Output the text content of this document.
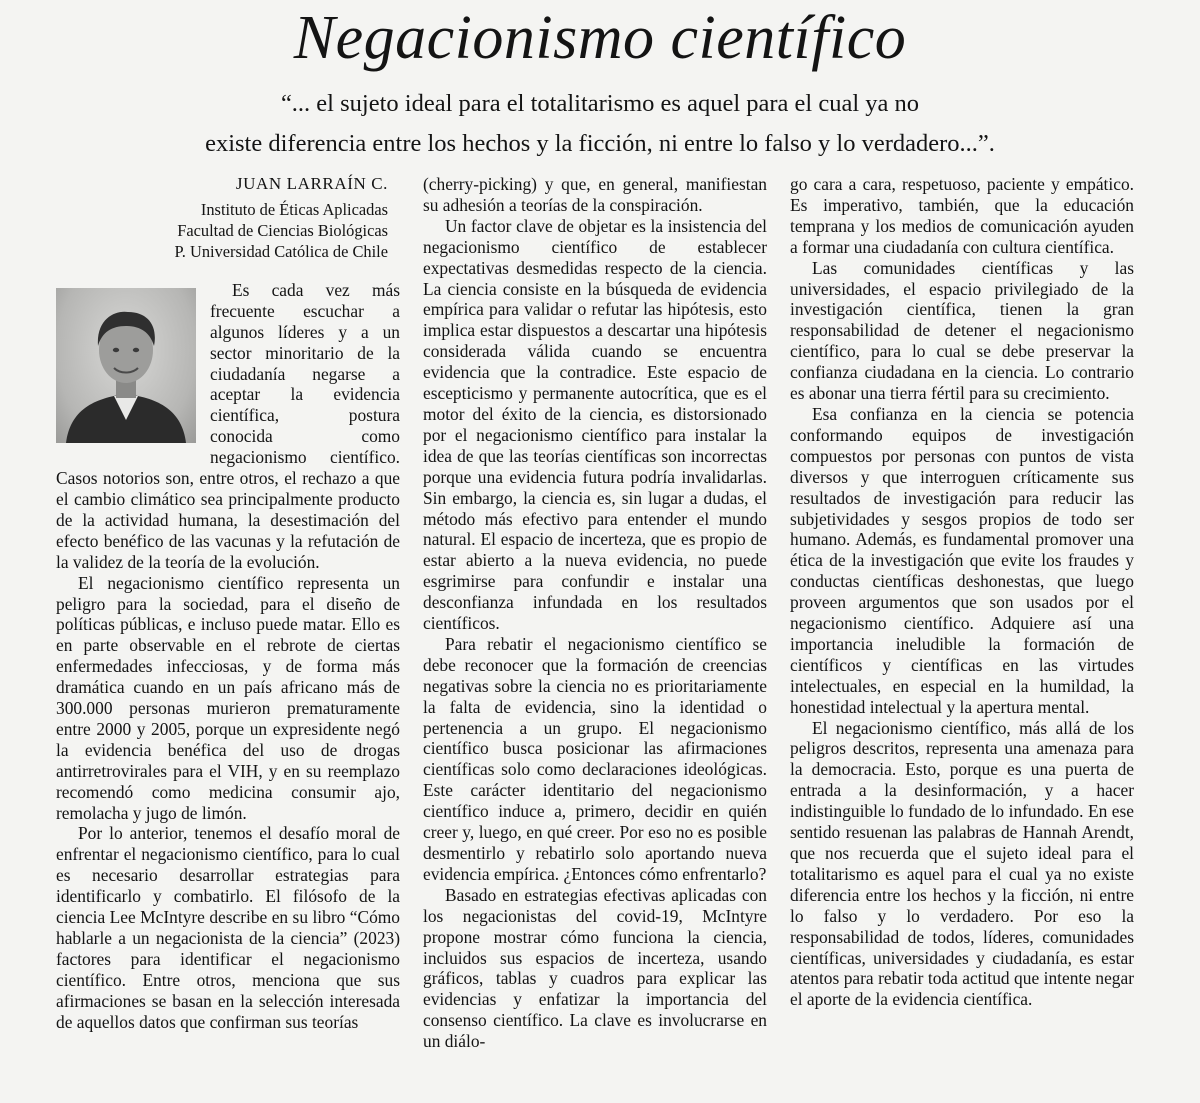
Negacionismo científico

“... el sujeto ideal para el totalitarismo es aquel para el cual ya no
existe diferencia entre los hechos y la ficción, ni entre lo falso y lo verdadero...”.

JUAN LARRAÍN C.
Instituto de Éticas Aplicadas
Facultad de Ciencias Biológicas
P. Universidad Católica de Chile

Es cada vez más frecuente escuchar a algunos líderes y a un sector minoritario de la ciudadanía negarse a aceptar la evidencia científica, postura conocida como negacionismo científico. Casos notorios son, entre otros, el rechazo a que el cambio climático sea principalmente producto de la actividad humana, la desestimación del efecto benéfico de las vacunas y la refutación de la validez de la teoría de la evolución.

El negacionismo científico representa un peligro para la sociedad, para el diseño de políticas públicas, e incluso puede matar. Ello es en parte observable en el rebrote de ciertas enfermedades infecciosas, y de forma más dramática cuando en un país africano más de 300.000 personas murieron prematuramente entre 2000 y 2005, porque un expresidente negó la evidencia benéfica del uso de drogas antirretrovirales para el VIH, y en su reemplazo recomendó como medicina consumir ajo, remolacha y jugo de limón.

Por lo anterior, tenemos el desafío moral de enfrentar el negacionismo científico, para lo cual es necesario desarrollar estrategias para identificarlo y combatirlo. El filósofo de la ciencia Lee McIntyre describe en su libro “Cómo hablarle a un negacionista de la ciencia” (2023) factores para identificar el negacionismo científico. Entre otros, menciona que sus afirmaciones se basan en la selección interesada de aquellos datos que confirman sus teorías

(cherry-picking) y que, en general, manifiestan su adhesión a teorías de la conspiración.

Un factor clave de objetar es la insistencia del negacionismo científico de establecer expectativas desmedidas respecto de la ciencia. La ciencia consiste en la búsqueda de evidencia empírica para validar o refutar las hipótesis, esto implica estar dispuestos a descartar una hipótesis considerada válida cuando se encuentra evidencia que la contradice. Este espacio de escepticismo y permanente autocrítica, que es el motor del éxito de la ciencia, es distorsionado por el negacionismo científico para instalar la idea de que las teorías científicas son incorrectas porque una evidencia futura podría invalidarlas. Sin embargo, la ciencia es, sin lugar a dudas, el método más efectivo para entender el mundo natural. El espacio de incerteza, que es propio de estar abierto a la nueva evidencia, no puede esgrimirse para confundir e instalar una desconfianza infundada en los resultados científicos.

Para rebatir el negacionismo científico se debe reconocer que la formación de creencias negativas sobre la ciencia no es prioritariamente la falta de evidencia, sino la identidad o pertenencia a un grupo. El negacionismo científico busca posicionar las afirmaciones científicas solo como declaraciones ideológicas. Este carácter identitario del negacionismo científico induce a, primero, decidir en quién creer y, luego, en qué creer. Por eso no es posible desmentirlo y rebatirlo solo aportando nueva evidencia empírica. ¿Entonces cómo enfrentarlo?

Basado en estrategias efectivas aplicadas con los negacionistas del covid-19, McIntyre propone mostrar cómo funciona la ciencia, incluidos sus espacios de incerteza, usando gráficos, tablas y cuadros para explicar las evidencias y enfatizar la importancia del consenso científico. La clave es involucrarse en un diálo-

go cara a cara, respetuoso, paciente y empático. Es imperativo, también, que la educación temprana y los medios de comunicación ayuden a formar una ciudadanía con cultura científica.

Las comunidades científicas y las universidades, el espacio privilegiado de la investigación científica, tienen la gran responsabilidad de detener el negacionismo científico, para lo cual se debe preservar la confianza ciudadana en la ciencia. Lo contrario es abonar una tierra fértil para su crecimiento.

Esa confianza en la ciencia se potencia conformando equipos de investigación compuestos por personas con puntos de vista diversos y que interroguen críticamente sus resultados de investigación para reducir las subjetividades y sesgos propios de todo ser humano. Además, es fundamental promover una ética de la investigación que evite los fraudes y conductas científicas deshonestas, que luego proveen argumentos que son usados por el negacionismo científico. Adquiere así una importancia ineludible la formación de científicos y científicas en las virtudes intelectuales, en especial en la humildad, la honestidad intelectual y la apertura mental.

El negacionismo científico, más allá de los peligros descritos, representa una amenaza para la democracia. Esto, porque es una puerta de entrada a la desinformación, y a hacer indistinguible lo fundado de lo infundado. En ese sentido resuenan las palabras de Hannah Arendt, que nos recuerda que el sujeto ideal para el totalitarismo es aquel para el cual ya no existe diferencia entre los hechos y la ficción, ni entre lo falso y lo verdadero. Por eso la responsabilidad de todos, líderes, comunidades científicas, universidades y ciudadanía, es estar atentos para rebatir toda actitud que intente negar el aporte de la evidencia científica.
